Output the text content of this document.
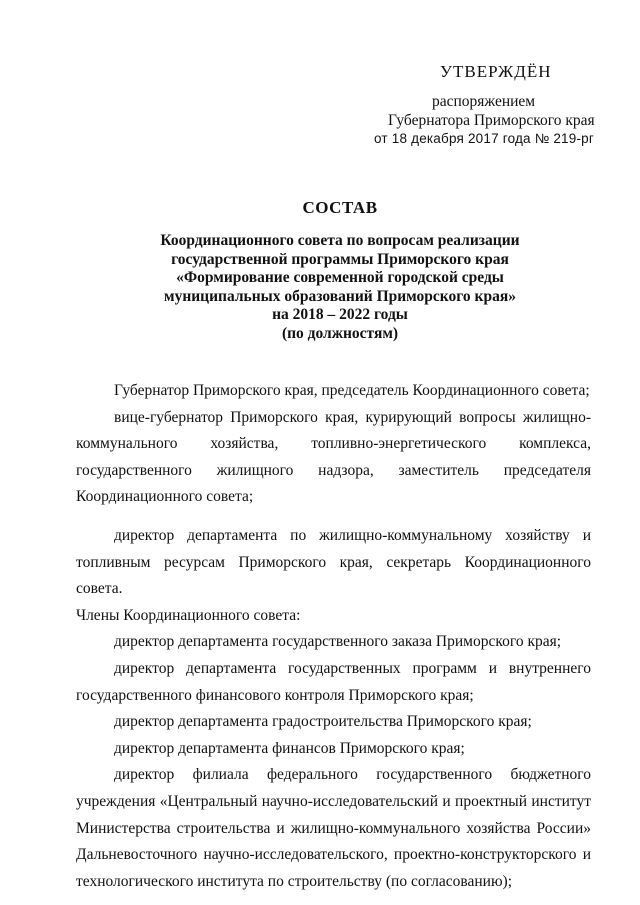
УТВЕРЖДЁН
распоряжением
Губернатора Приморского края
от 18 декабря 2017 года № 219-рг
СОСТАВ
Координационного совета по вопросам реализации
государственной программы Приморского края
«Формирование современной городской среды
муниципальных образований Приморского края»
на 2018 – 2022 годы
(по должностям)

Губернатор Приморского края, председатель Координационного совета;

вице-губернатор Приморского края, курирующий вопросы жилищно-коммунального хозяйства, топливно-энергетического комплекса, государственного жилищного надзора, заместитель председателя Координационного совета;

директор департамента по жилищно-коммунальному хозяйству и топливным ресурсам Приморского края, секретарь Координационного совета.

Члены Координационного совета:

директор департамента государственного заказа Приморского края;

директор департамента государственных программ и внутреннего государственного финансового контроля Приморского края;

директор департамента градостроительства Приморского края;

директор департамента финансов Приморского края;

директор филиала федерального государственного бюджетного учреждения «Центральный научно-исследовательский и проектный институт Министерства строительства и жилищно-коммунального хозяйства России» Дальневосточного научно-исследовательского, проектно-конструкторского и технологического института по строительству (по согласованию);
